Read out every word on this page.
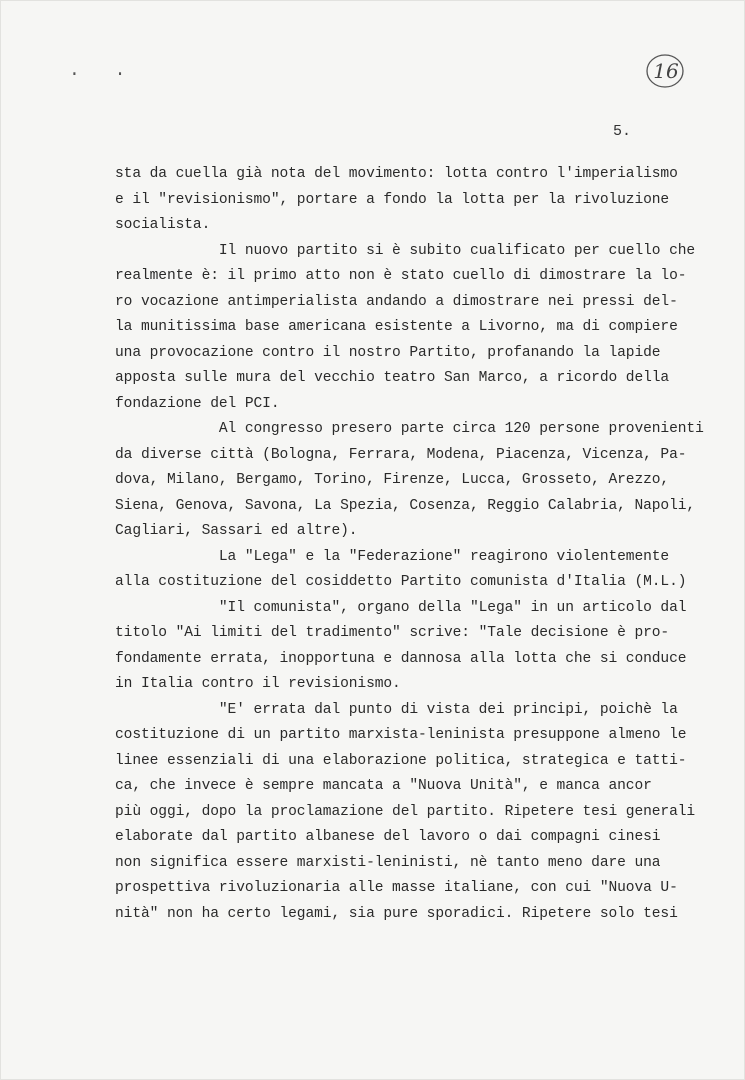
. .	16
5.
sta da cuella già nota del movimento: lotta contro l'imperialismo
e il "revisionismo", portare a fondo la lotta per la rivoluzione
socialista.
Il nuovo partito si è subito cualificato per cuello che
realmente è: il primo atto non è stato cuello di dimostrare la lo-
ro vocazione antimperialista andando a dimostrare nei pressi del-
la munitissima base americana esistente a Livorno, ma di compiere
una provocazione contro il nostro Partito, profanando la lapide
apposta sulle mura del vecchio teatro San Marco, a ricordo della
fondazione del PCI.
Al congresso presero parte circa 120 persone provenienti
da diverse città (Bologna, Ferrara, Modena, Piacenza, Vicenza, Pa-
dova, Milano, Bergamo, Torino, Firenze, Lucca, Grosseto, Arezzo,
Siena, Genova, Savona, La Spezia, Cosenza, Reggio Calabria, Napoli,
Cagliari, Sassari ed altre).
La "Lega" e la "Federazione" reagirono violentemente
alla costituzione del cosiddetto Partito comunista d'Italia (M.L.)
"Il comunista", organo della "Lega" in un articolo dal
titolo "Ai limiti del tradimento" scrive: "Tale decisione è pro-
fondamente errata, inopportuna e dannosa alla lotta che si conduce
in Italia contro il revisionismo.
"E' errata dal punto di vista dei principi, poichè la
costituzione di un partito marxista-leninista presuppone almeno le
linee essenziali di una elaborazione politica, strategica e tatti-
ca, che invece è sempre mancata a "Nuova Unità", e manca ancor
più oggi, dopo la proclamazione del partito. Ripetere tesi generali
elaborate dal partito albanese del lavoro o dai compagni cinesi
non significa essere marxisti-leninisti, nè tanto meno dare una
prospettiva rivoluzionaria alle masse italiane, con cui "Nuova U-
nità" non ha certo legami, sia pure sporadici. Ripetere solo tesi
